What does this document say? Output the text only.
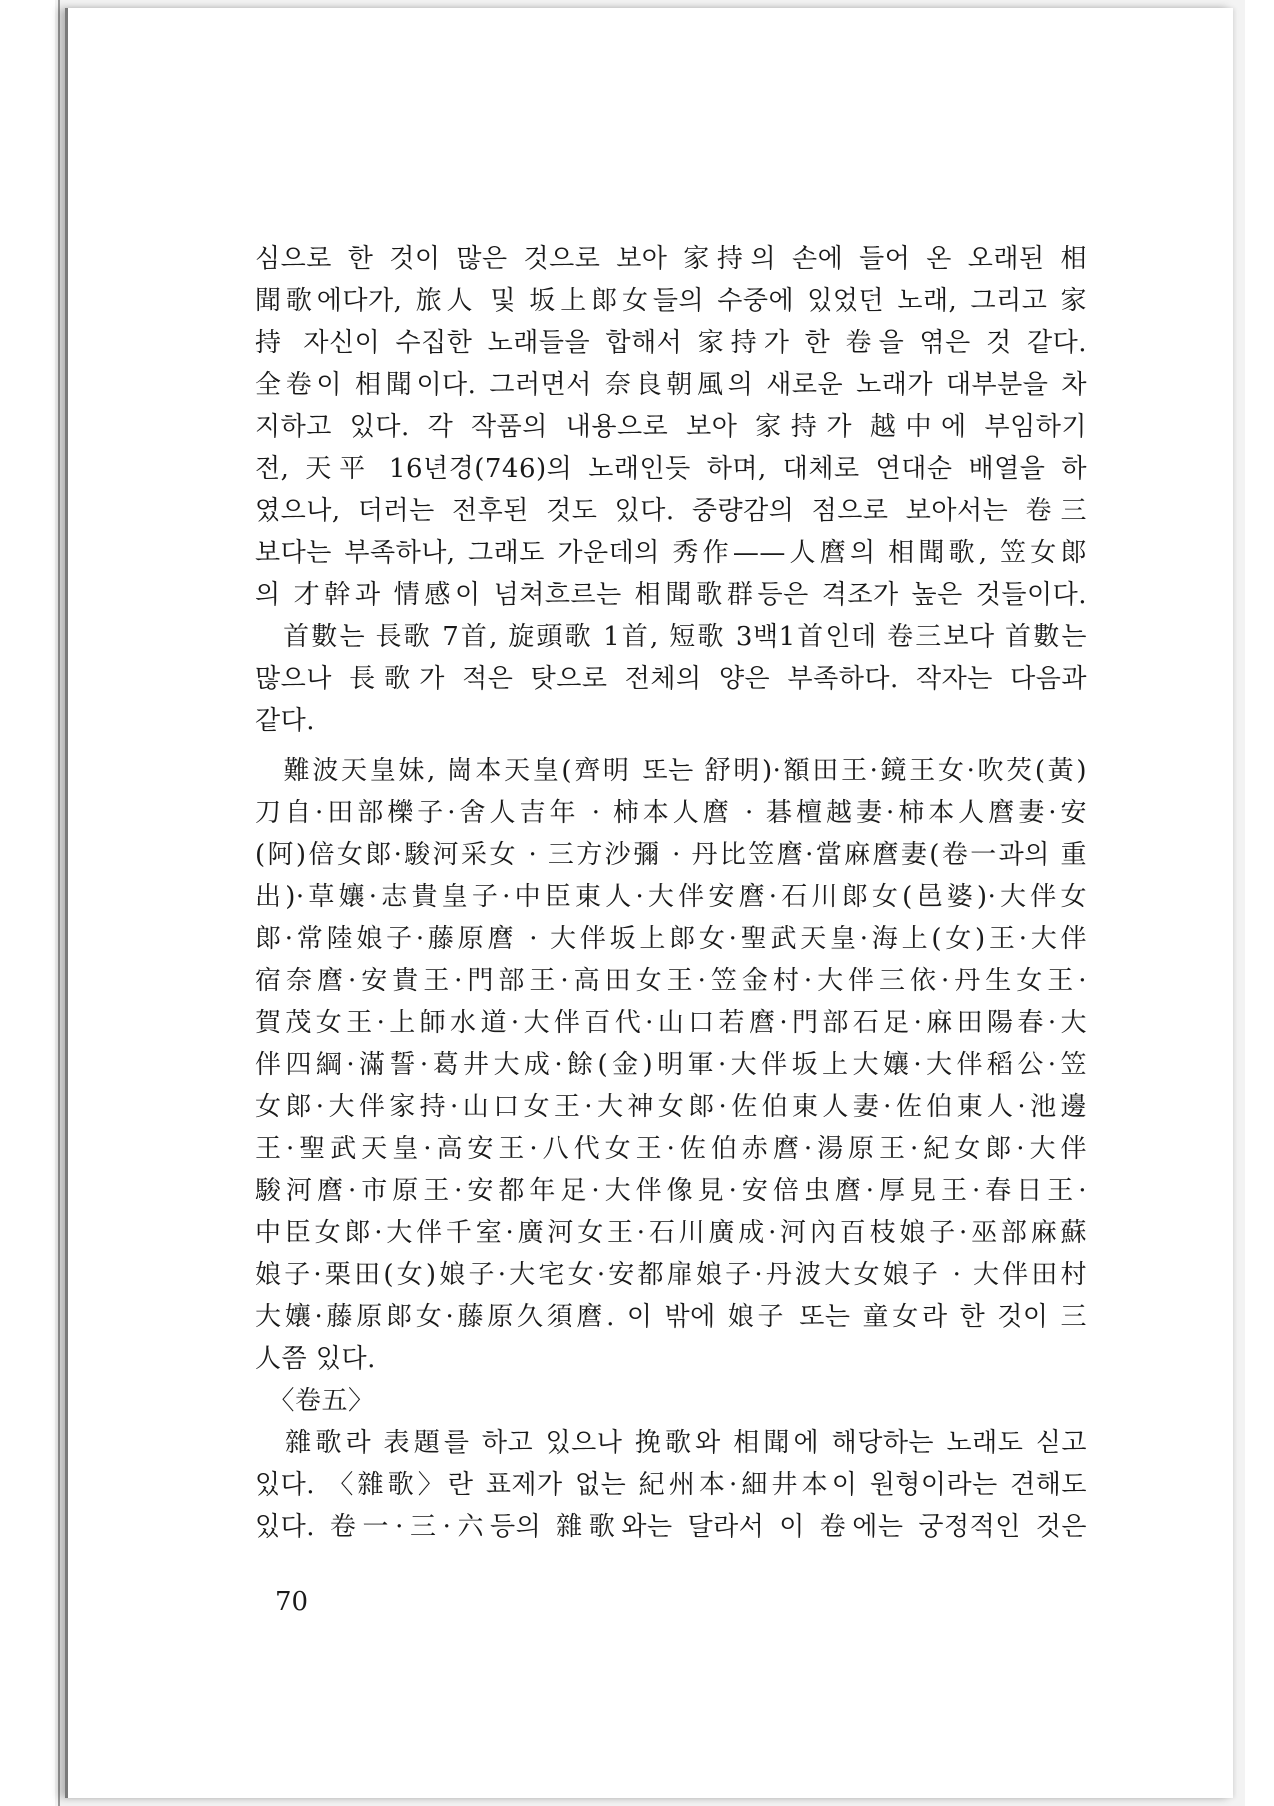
심으로 한 것이 많은 것으로 보아 家持의 손에 들어 온 오래된 相
聞歌에다가, 旅人 및 坂上郞女들의 수중에 있었던 노래, 그리고 家
持 자신이 수집한 노래들을 합해서 家持가 한 卷을 엮은 것 같다.
全卷이 相聞이다. 그러면서 奈良朝風의 새로운 노래가 대부분을 차
지하고 있다. 각 작품의 내용으로 보아 家持가 越中에 부임하기
전, 天平 16년경(746)의 노래인듯 하며, 대체로 연대순 배열을 하
였으나, 더러는 전후된 것도 있다. 중량감의 점으로 보아서는 卷三
보다는 부족하나, 그래도 가운데의 秀作——人麿의 相聞歌, 笠女郞
의 才幹과 情感이 넘쳐흐르는 相聞歌群등은 격조가 높은 것들이다.
　首數는 長歌 7首, 旋頭歌 1首, 短歌 3백1首인데 卷三보다 首數는
많으나 長歌가 적은 탓으로 전체의 양은 부족하다. 작자는 다음과
같다.
　難波天皇妹, 崗本天皇(齊明 또는 舒明)·額田王·鏡王女·吹芡(黃)
刀自·田部櫟子·舍人吉年 · 柿本人麿 · 碁檀越妻·柿本人麿妻·安
(阿)倍女郞·駿河采女 · 三方沙彌 · 丹比笠麿·當麻麿妻(卷一과의 重
出)·草孃·志貴皇子·中臣東人·大伴安麿·石川郞女(邑婆)·大伴女
郞·常陸娘子·藤原麿 · 大伴坂上郞女·聖武天皇·海上(女)王·大伴
宿奈麿·安貴王·門部王·高田女王·笠金村·大伴三依·丹生女王·
賀茂女王·上師水道·大伴百代·山口若麿·門部石足·麻田陽春·大
伴四綱·滿誓·葛井大成·餘(金)明軍·大伴坂上大孃·大伴稻公·笠
女郞·大伴家持·山口女王·大神女郞·佐伯東人妻·佐伯東人·池邊
王·聖武天皇·高安王·八代女王·佐伯赤麿·湯原王·紀女郞·大伴
駿河麿·市原王·安都年足·大伴像見·安倍虫麿·厚見王·春日王·
中臣女郞·大伴千室·廣河女王·石川廣成·河內百枝娘子·巫部麻蘇
娘子·栗田(女)娘子·大宅女·安都扉娘子·丹波大女娘子 · 大伴田村
大孃·藤原郞女·藤原久須麿. 이 밖에 娘子 또는 童女라 한 것이 三
人쯤 있다.
　〈卷五〉
　雜歌라 表題를 하고 있으나 挽歌와 相聞에 해당하는 노래도 싣고
있다. 〈雜歌〉란 표제가 없는 紀州本·細井本이 원형이라는 견해도
있다. 卷一·三·六등의 雜歌와는 달라서 이 卷에는 궁정적인 것은
70
